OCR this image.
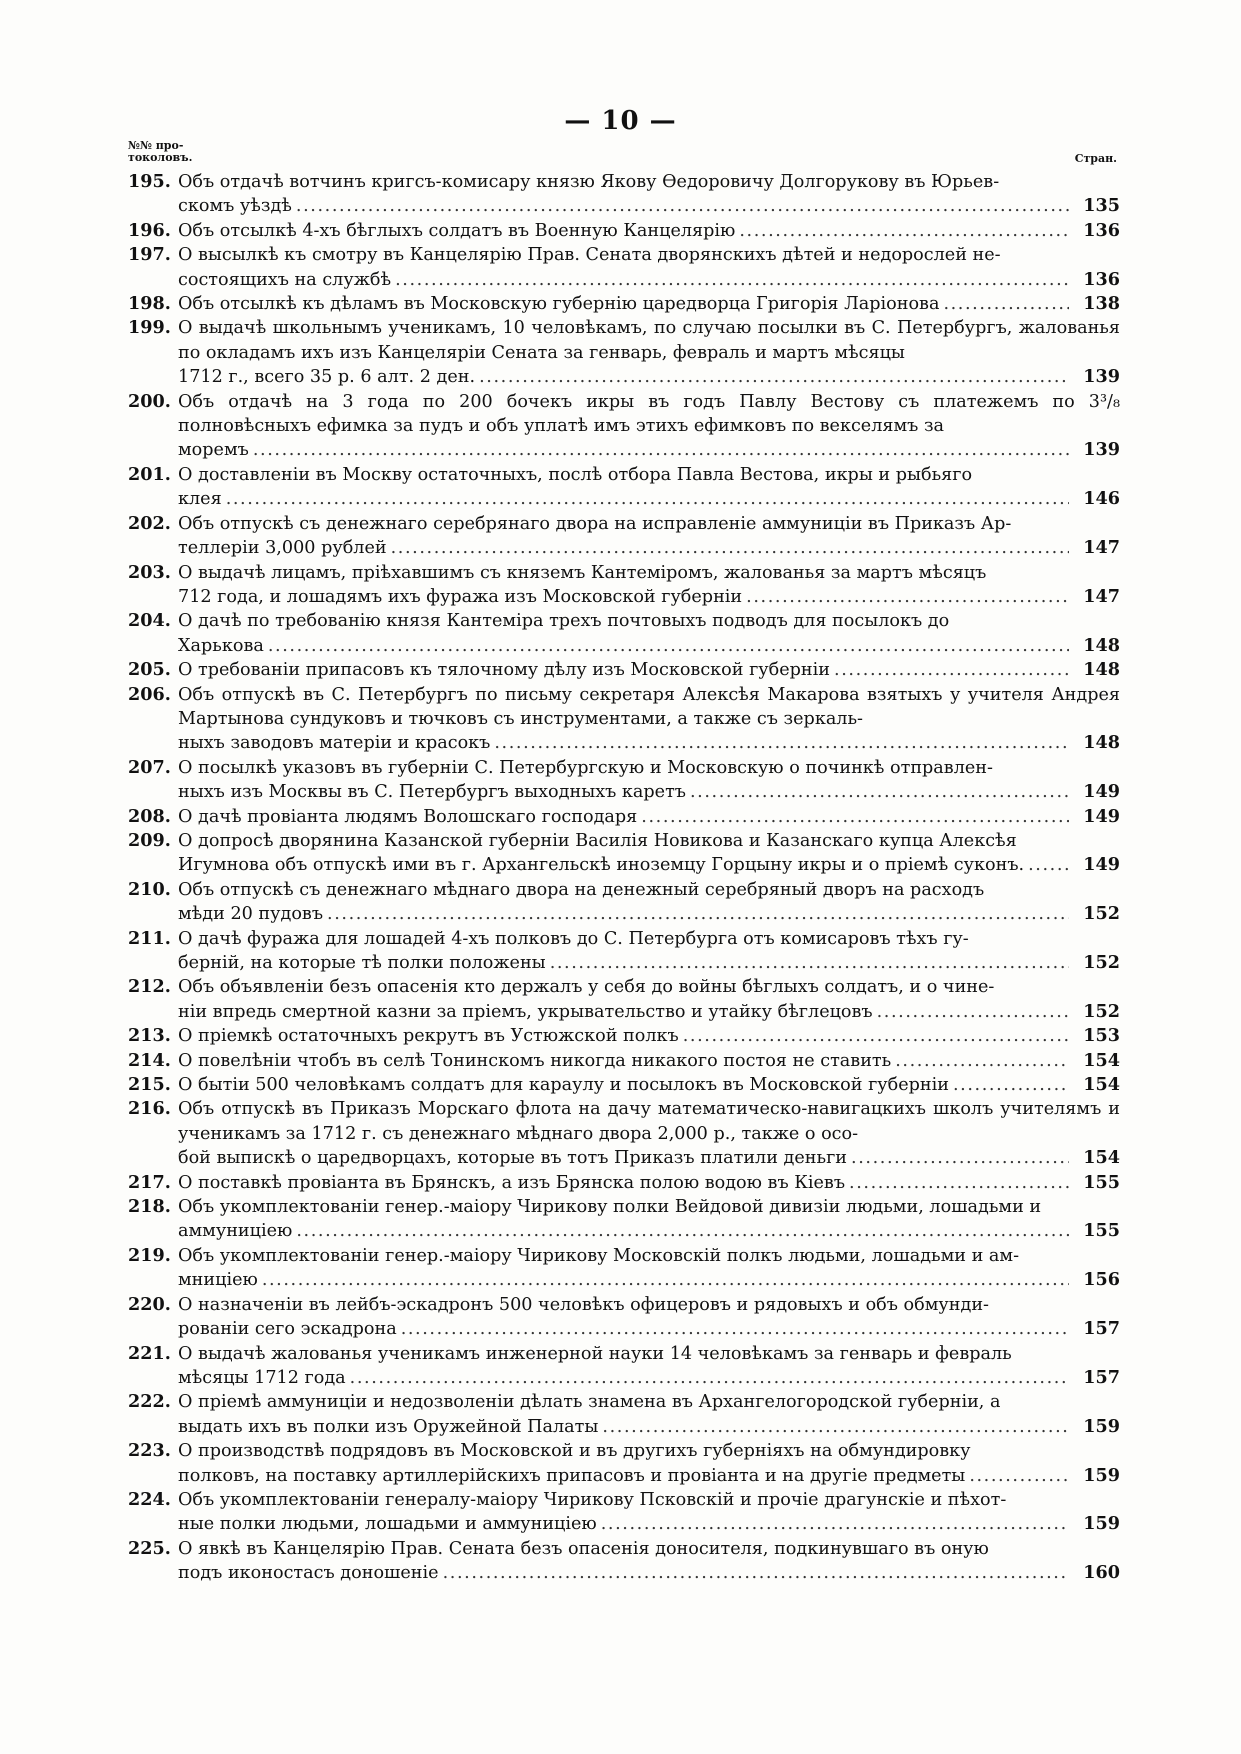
— 10 —
№№ про-
токоловъ.	Стран.
195. Объ отдачѣ вотчинъ кригсъ-комисару князю Якову Ѳедоровичу Долгорукову въ Юрьев-
скомъ уѣздѣ . . .	135
196. Объ отсылкѣ 4-хъ бѣглыхъ солдатъ въ Военную Канцелярію . . .	136
197. О высылкѣ къ смотру въ Канцелярію Прав. Сената дворянскихъ дѣтей и недорослей не-
состоящихъ на службѣ . . .	136
198. Объ отсылкѣ къ дѣламъ въ Московскую губернію царедворца Григорія Ларіонова . . .	138
199. О выдачѣ школьнымъ ученикамъ, 10 человѣкамъ, по случаю посылки въ С. Петербургъ, жалованья по окладамъ ихъ изъ Канцеляріи Сената за генварь, февраль и мартъ мѣсяцы
1712 г., всего 35 р. 6 алт. 2 ден. . . .	139
200. Объ отдачѣ на 3 года по 200 бочекъ икры въ годъ Павлу Вестову съ платежемъ по 3³/₈ полновѣсныхъ ефимка за пудъ и объ уплатѣ имъ этихъ ефимковъ по векселямъ за
моремъ . . .	139
201. О доставленіи въ Москву остаточныхъ, послѣ отбора Павла Вестова, икры и рыбьяго
клея . . .	146
202. Объ отпускѣ съ денежнаго серебрянаго двора на исправленіе аммуниціи въ Приказъ Ар-
теллеріи 3,000 рублей . . .	147
203. О выдачѣ лицамъ, пріѣхавшимъ съ княземъ Кантеміромъ, жалованья за мартъ мѣсяцъ
712 года, и лошадямъ ихъ фуража изъ Московской губерніи . . .	147
204. О дачѣ по требованію князя Кантеміра трехъ почтовыхъ подводъ для посылокъ до
Харькова . . .	148
205. О требованіи припасовъ къ тялочному дѣлу изъ Московской губерніи . . .	148
206. Объ отпускѣ въ С. Петербургъ по письму секретаря Алексѣя Макарова взятыхъ у учителя Андрея Мартынова сундуковъ и тючковъ съ инструментами, а также съ зеркаль-
ныхъ заводовъ матеріи и красокъ . . .	148
207. О посылкѣ указовъ въ губерніи С. Петербургскую и Московскую о починкѣ отправлен-
ныхъ изъ Москвы въ С. Петербургъ выходныхъ каретъ . . .	149
208. О дачѣ провіанта людямъ Волошскаго господаря . . .	149
209. О допросѣ дворянина Казанской губерніи Василія Новикова и Казанскаго купца Алексѣя
Игумнова объ отпускѣ ими въ г. Архангельскѣ иноземцу Горцыну икры и о пріемѣ суконъ. . . .	149
210. Объ отпускѣ съ денежнаго мѣднаго двора на денежный серебряный дворъ на расходъ
мѣди 20 пудовъ . . .	152
211. О дачѣ фуража для лошадей 4-хъ полковъ до С. Петербурга отъ комисаровъ тѣхъ гу-
берній, на которые тѣ полки положены . . .	152
212. Объ объявленіи безъ опасенія кто держалъ у себя до войны бѣглыхъ солдатъ, и о чине-
ніи впредь смертной казни за пріемъ, укрывательство и утайку бѣглецовъ . . .	152
213. О пріемкѣ остаточныхъ рекрутъ въ Устюжской полкъ . . .	153
214. О повелѣніи чтобъ въ селѣ Тонинскомъ никогда никакого постоя не ставить . . .	154
215. О бытіи 500 человѣкамъ солдатъ для караулу и посылокъ въ Московской губерніи . . .	154
216. Объ отпускѣ въ Приказъ Морскаго флота на дачу математическо-навигацкихъ школъ учителямъ и ученикамъ за 1712 г. съ денежнаго мѣднаго двора 2,000 р., также о осо-
бой выпискѣ о царедворцахъ, которые въ тотъ Приказъ платили деньги . . .	154
217. О поставкѣ провіанта въ Брянскъ, а изъ Брянска полою водою въ Кіевъ . . .	155
218. Объ укомплектованіи генер.-маіору Чирикову полки Вейдовой дивизіи людьми, лошадьми и
аммуниціею . . .	155
219. Объ укомплектованіи генер.-маіору Чирикову Московскій полкъ людьми, лошадьми и ам-
мниціею . . .	156
220. О назначеніи въ лейбъ-эскадронъ 500 человѣкъ офицеровъ и рядовыхъ и объ обмунди-
рованіи сего эскадрона . . .	157
221. О выдачѣ жалованья ученикамъ инженерной науки 14 человѣкамъ за генварь и февраль
мѣсяцы 1712 года . . .	157
222. О пріемѣ аммуниціи и недозволеніи дѣлать знамена въ Архангелогородской губерніи, а
выдать ихъ въ полки изъ Оружейной Палаты . . .	159
223. О производствѣ подрядовъ въ Московской и въ другихъ губерніяхъ на обмундировку
полковъ, на поставку артиллерійскихъ припасовъ и провіанта и на другіе предметы . . .	159
224. Объ укомплектованіи генералу-маіору Чирикову Псковскій и прочіе драгунскіе и пѣхот-
ные полки людьми, лошадьми и аммуниціею . . .	159
225. О явкѣ въ Канцелярію Прав. Сената безъ опасенія доносителя, подкинувшаго въ оную
подъ иконостасъ доношеніе . . .	160
